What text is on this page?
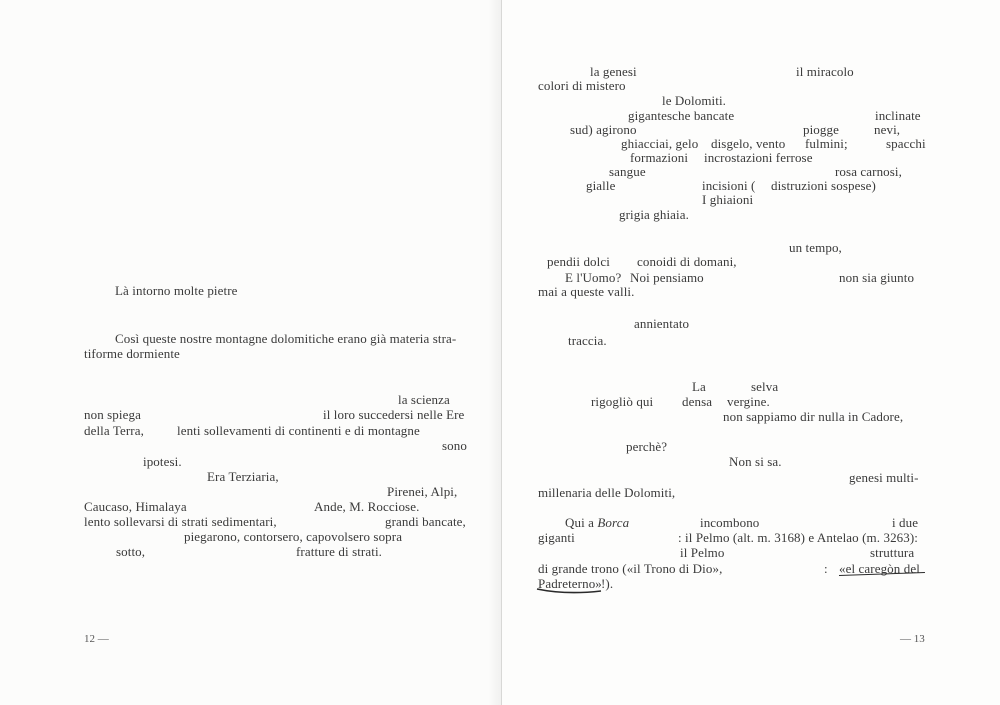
Là intorno molte pietre
Così queste nostre montagne dolomitiche erano già materia stra-
tiforme dormiente
la scienza
non spiega	il loro succedersi nelle Ere
della Terra,	lenti sollevamenti di continenti e di montagne
sono
ipotesi.
Era Terziaria,
Pirenei, Alpi,
Caucaso, Himalaya	Ande, M. Rocciose.
lento sollevarsi di strati sedimentari,	grandi bancate,
piegarono, contorsero, capovolsero sopra
sotto,	fratture di strati.
12 —
la genesi	il miracolo
colori di mistero
le Dolomiti.
gigantesche bancate	inclinate
sud) agirono	piogge	nevi,
ghiacciai, gelo disgelo, vento fulmini;	spacchi
formazioni incrostazioni ferrose
sangue	rosa carnosi,
gialle	incisioni ( distruzioni sospese)
I ghiaioni
grigia ghiaia.
un tempo,
pendii dolci conoidi di domani,
E l'Uomo? Noi pensiamo	non sia giunto
mai a queste valli.
annientato
traccia.
La	selva
rigogliò qui densa vergine.
non sappiamo dir nulla in Cadore,
perchè?
Non si sa.
genesi multi-
millenaria delle Dolomiti,
Qui a Borca	incombono	i due
giganti	: il Pelmo (alt. m. 3168) e Antelao (m. 3263):
il Pelmo	struttura
di grande trono («il Trono di Dio»,	: «el caregòn del
Padreterno» !).
— 13
